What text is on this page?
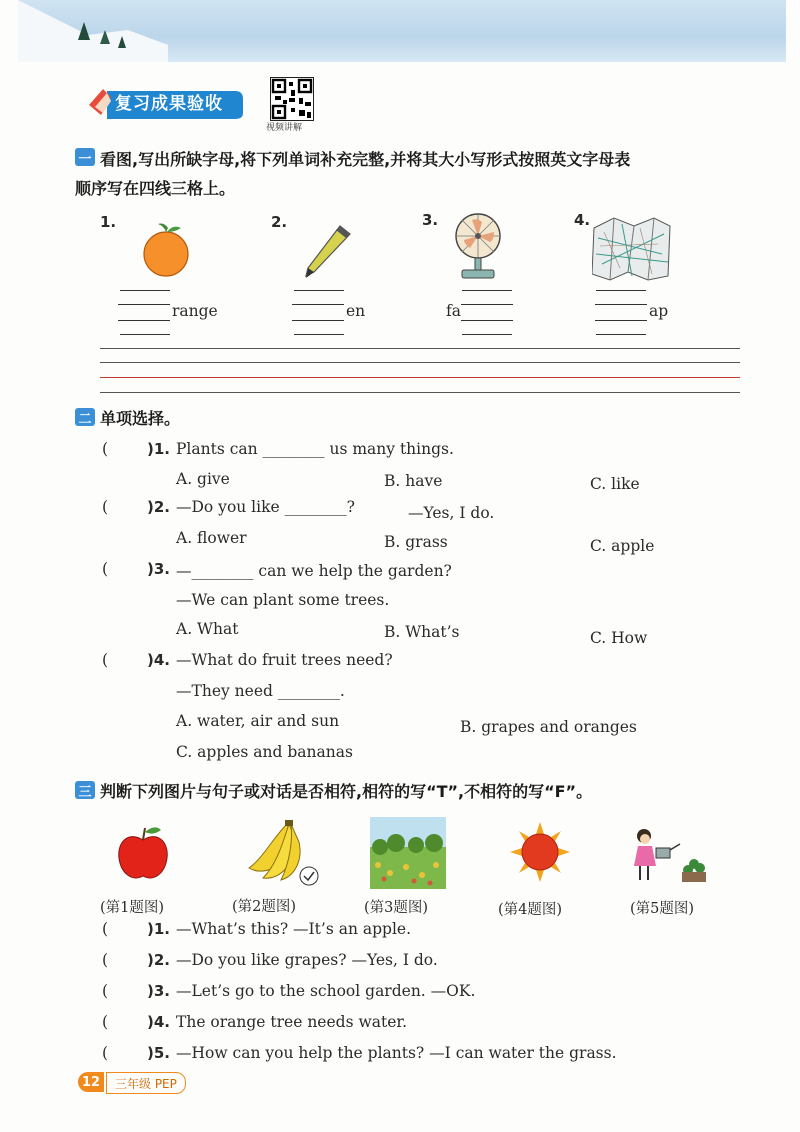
复习成果验收
视频讲解
一 看图,写出所缺字母,将下列单词补充完整,并将其大小写形式按照英文字母表
顺序写在四线三格上。
1.
range
2.
en
3.
fa
4.
ap
二 单项选择。
(	)1. Plants can ________ us many things.
A. give	B. have	C. like
(	)2. —Do you like ________?	—Yes, I do.
A. flower	B. grass	C. apple
(	)3. —________ can we help the garden?
—We can plant some trees.
A. What	B. What’s	C. How
(	)4. —What do fruit trees need?
—They need ________.
A. water, air and sun	B. grapes and oranges
C. apples and bananas
三 判断下列图片与句子或对话是否相符,相符的写“T”,不相符的写“F”。
(第1题图)	(第2题图)	(第3题图)	(第4题图)	(第5题图)
(	)1. —What’s this? —It’s an apple.
(	)2. —Do you like grapes? —Yes, I do.
(	)3. —Let’s go to the school garden. —OK.
(	)4. The orange tree needs water.
(	)5. —How can you help the plants? —I can water the grass.
12	三年级 PEP
